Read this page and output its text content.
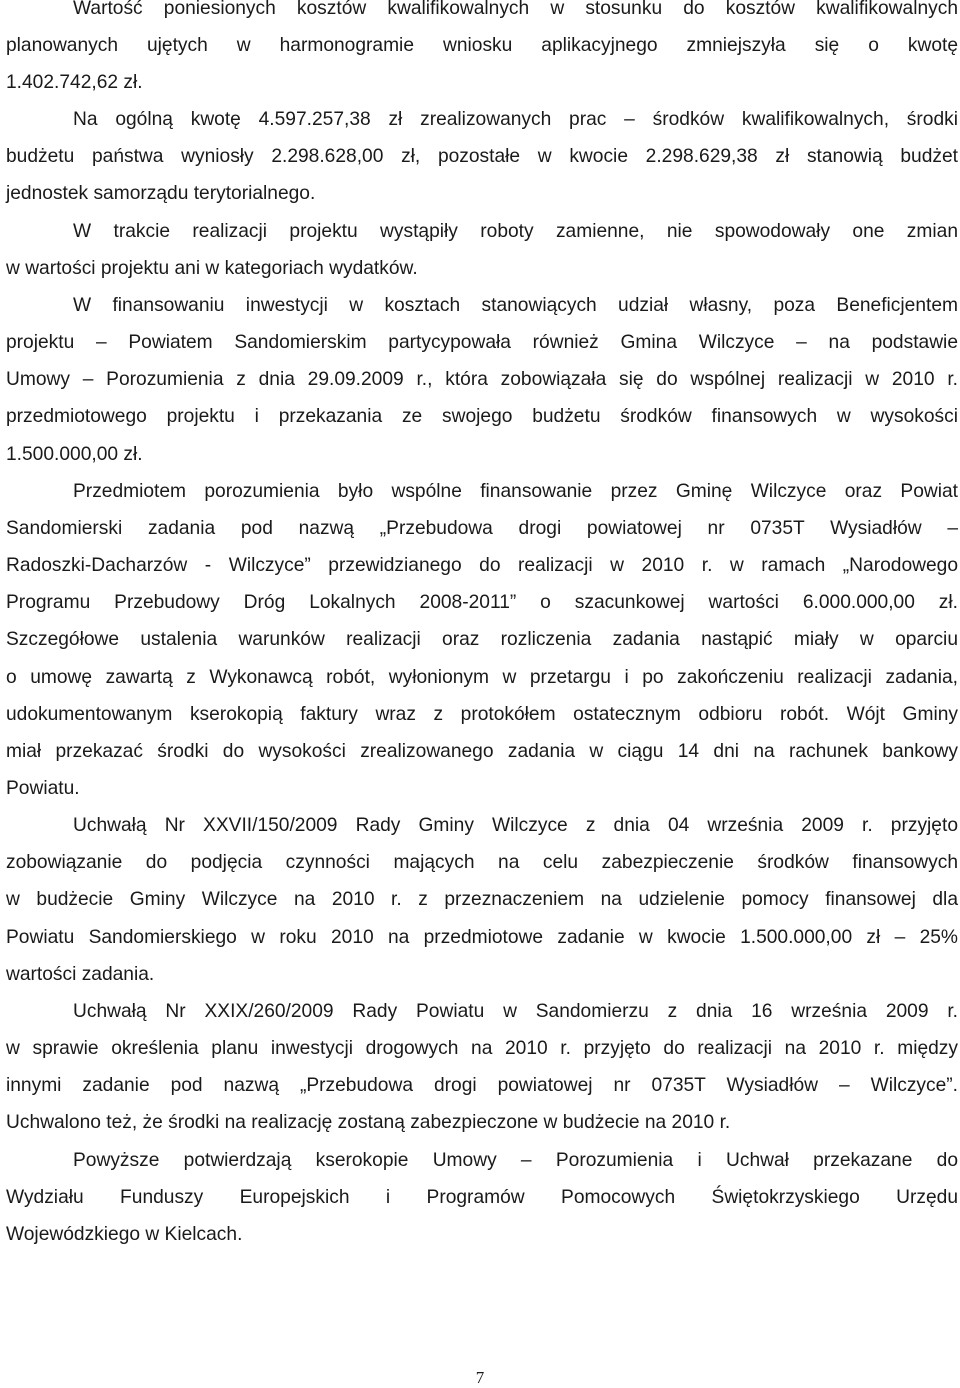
Wartość poniesionych kosztów kwalifikowalnych w stosunku do kosztów kwalifikowalnych
planowanych ujętych w harmonogramie wniosku aplikacyjnego zmniejszyła się o kwotę
1.402.742,62 zł.
Na ogólną kwotę 4.597.257,38 zł zrealizowanych prac – środków kwalifikowalnych, środki
budżetu państwa wyniosły 2.298.628,00 zł, pozostałe w kwocie 2.298.629,38 zł stanowią budżet
jednostek samorządu terytorialnego.
W trakcie realizacji projektu wystąpiły roboty zamienne, nie spowodowały one zmian
w wartości projektu ani w kategoriach wydatków.
W finansowaniu inwestycji w kosztach stanowiących udział własny, poza Beneficjentem
projektu – Powiatem Sandomierskim partycypowała również Gmina Wilczyce – na podstawie
Umowy – Porozumienia z dnia 29.09.2009 r., która zobowiązała się do wspólnej realizacji w 2010 r.
przedmiotowego projektu i przekazania ze swojego budżetu środków finansowych w wysokości
1.500.000,00 zł.
Przedmiotem porozumienia było wspólne finansowanie przez Gminę Wilczyce oraz Powiat
Sandomierski zadania pod nazwą „Przebudowa drogi powiatowej nr 0735T Wysiadłów –
Radoszki-Dacharzów - Wilczyce” przewidzianego do realizacji w 2010 r. w ramach „Narodowego
Programu Przebudowy Dróg Lokalnych 2008-2011” o szacunkowej wartości 6.000.000,00 zł.
Szczegółowe ustalenia warunków realizacji oraz rozliczenia zadania nastąpić miały w oparciu
o umowę zawartą z Wykonawcą robót, wyłonionym w przetargu i po zakończeniu realizacji zadania,
udokumentowanym kserokopią faktury wraz z protokółem ostatecznym odbioru robót. Wójt Gminy
miał przekazać środki do wysokości zrealizowanego zadania w ciągu 14 dni na rachunek bankowy
Powiatu.
Uchwałą Nr XXVII/150/2009 Rady Gminy Wilczyce z dnia 04 września 2009 r. przyjęto
zobowiązanie do podjęcia czynności mających na celu zabezpieczenie środków finansowych
w budżecie Gminy Wilczyce na 2010 r. z przeznaczeniem na udzielenie pomocy finansowej dla
Powiatu Sandomierskiego w roku 2010 na przedmiotowe zadanie w kwocie 1.500.000,00 zł – 25%
wartości zadania.
Uchwałą Nr XXIX/260/2009 Rady Powiatu w Sandomierzu z dnia 16 września 2009 r.
w sprawie określenia planu inwestycji drogowych na 2010 r. przyjęto do realizacji na 2010 r. między
innymi zadanie pod nazwą „Przebudowa drogi powiatowej nr 0735T Wysiadłów – Wilczyce”.
Uchwalono też, że środki na realizację zostaną zabezpieczone w budżecie na 2010 r.
Powyższe potwierdzają kserokopie Umowy – Porozumienia i Uchwał przekazane do
Wydziału Funduszy Europejskich i Programów Pomocowych Świętokrzyskiego Urzędu
Wojewódzkiego w Kielcach.
7
